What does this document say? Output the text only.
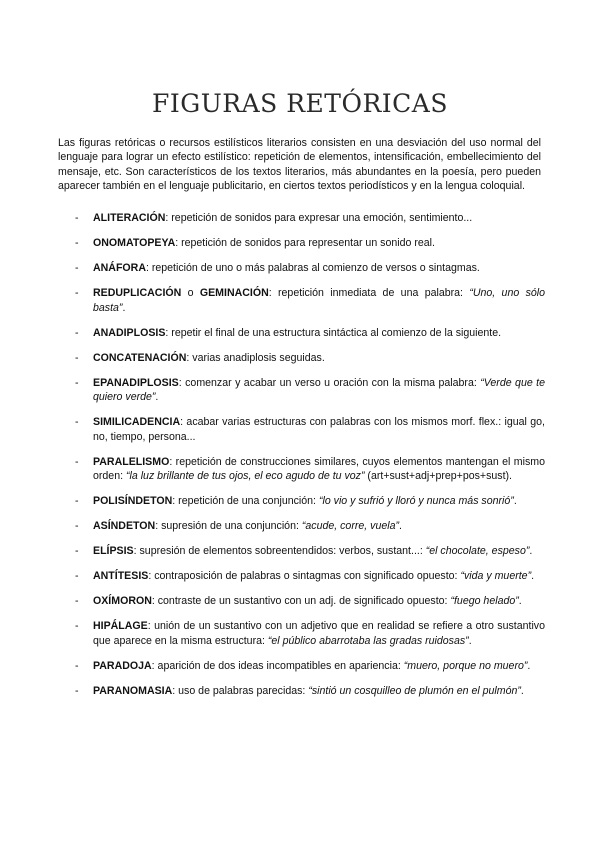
FIGURAS RETÓRICAS

Las figuras retóricas o recursos estilísticos literarios consisten en una desviación del uso normal del lenguaje para lograr un efecto estilístico: repetición de elementos, intensificación, embellecimiento del mensaje, etc. Son característicos de los textos literarios, más abundantes en la poesía, pero pueden aparecer también en el lenguaje publicitario, en ciertos textos periodísticos y en la lengua coloquial.

- ALITERACIÓN: repetición de sonidos para expresar una emoción, sentimiento...
- ONOMATOPEYA: repetición de sonidos para representar un sonido real.
- ANÁFORA: repetición de uno o más palabras al comienzo de versos o sintagmas.
- REDUPLICACIÓN o GEMINACIÓN: repetición inmediata de una palabra: “Uno, uno sólo basta”.
- ANADIPLOSIS: repetir el final de una estructura sintáctica al comienzo de la siguiente.
- CONCATENACIÓN: varias anadiplosis seguidas.
- EPANADIPLOSIS: comenzar y acabar un verso u oración con la misma palabra: “Verde que te quiero verde”.
- SIMILICADENCIA: acabar varias estructuras con palabras con los mismos morf. flex.: igual go, no, tiempo, persona...
- PARALELISMO: repetición de construcciones similares, cuyos elementos mantengan el mismo orden: “la luz brillante de tus ojos, el eco agudo de tu voz” (art+sust+adj+prep+pos+sust).
- POLISÍNDETON: repetición de una conjunción: “lo vio y sufrió y lloró y nunca más sonrió”.
- ASÍNDETON: supresión de una conjunción: “acude, corre, vuela”.
- ELÍPSIS: supresión de elementos sobreentendidos: verbos, sustant...: “el chocolate, espeso”.
- ANTÍTESIS: contraposición de palabras o sintagmas con significado opuesto: “vida y muerte”.
- OXÍMORON: contraste de un sustantivo con un adj. de significado opuesto: “fuego helado”.
- HIPÁLAGE: unión de un sustantivo con un adjetivo que en realidad se refiere a otro sustantivo que aparece en la misma estructura: “el público abarrotaba las gradas ruidosas”.
- PARADOJA: aparición de dos ideas incompatibles en apariencia: “muero, porque no muero”.
- PARANOMASIA: uso de palabras parecidas: “sintió un cosquilleo de plumón en el pulmón”.
